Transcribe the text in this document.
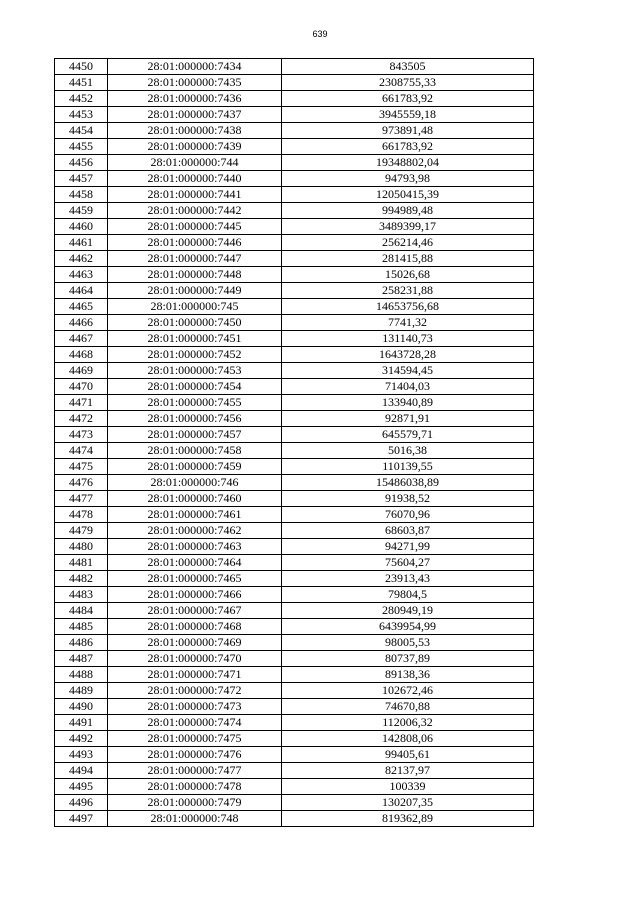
639
4450	28:01:000000:7434	843505
4451	28:01:000000:7435	2308755,33
4452	28:01:000000:7436	661783,92
4453	28:01:000000:7437	3945559,18
4454	28:01:000000:7438	973891,48
4455	28:01:000000:7439	661783,92
4456	28:01:000000:744	19348802,04
4457	28:01:000000:7440	94793,98
4458	28:01:000000:7441	12050415,39
4459	28:01:000000:7442	994989,48
4460	28:01:000000:7445	3489399,17
4461	28:01:000000:7446	256214,46
4462	28:01:000000:7447	281415,88
4463	28:01:000000:7448	15026,68
4464	28:01:000000:7449	258231,88
4465	28:01:000000:745	14653756,68
4466	28:01:000000:7450	7741,32
4467	28:01:000000:7451	131140,73
4468	28:01:000000:7452	1643728,28
4469	28:01:000000:7453	314594,45
4470	28:01:000000:7454	71404,03
4471	28:01:000000:7455	133940,89
4472	28:01:000000:7456	92871,91
4473	28:01:000000:7457	645579,71
4474	28:01:000000:7458	5016,38
4475	28:01:000000:7459	110139,55
4476	28:01:000000:746	15486038,89
4477	28:01:000000:7460	91938,52
4478	28:01:000000:7461	76070,96
4479	28:01:000000:7462	68603,87
4480	28:01:000000:7463	94271,99
4481	28:01:000000:7464	75604,27
4482	28:01:000000:7465	23913,43
4483	28:01:000000:7466	79804,5
4484	28:01:000000:7467	280949,19
4485	28:01:000000:7468	6439954,99
4486	28:01:000000:7469	98005,53
4487	28:01:000000:7470	80737,89
4488	28:01:000000:7471	89138,36
4489	28:01:000000:7472	102672,46
4490	28:01:000000:7473	74670,88
4491	28:01:000000:7474	112006,32
4492	28:01:000000:7475	142808,06
4493	28:01:000000:7476	99405,61
4494	28:01:000000:7477	82137,97
4495	28:01:000000:7478	100339
4496	28:01:000000:7479	130207,35
4497	28:01:000000:748	819362,89
